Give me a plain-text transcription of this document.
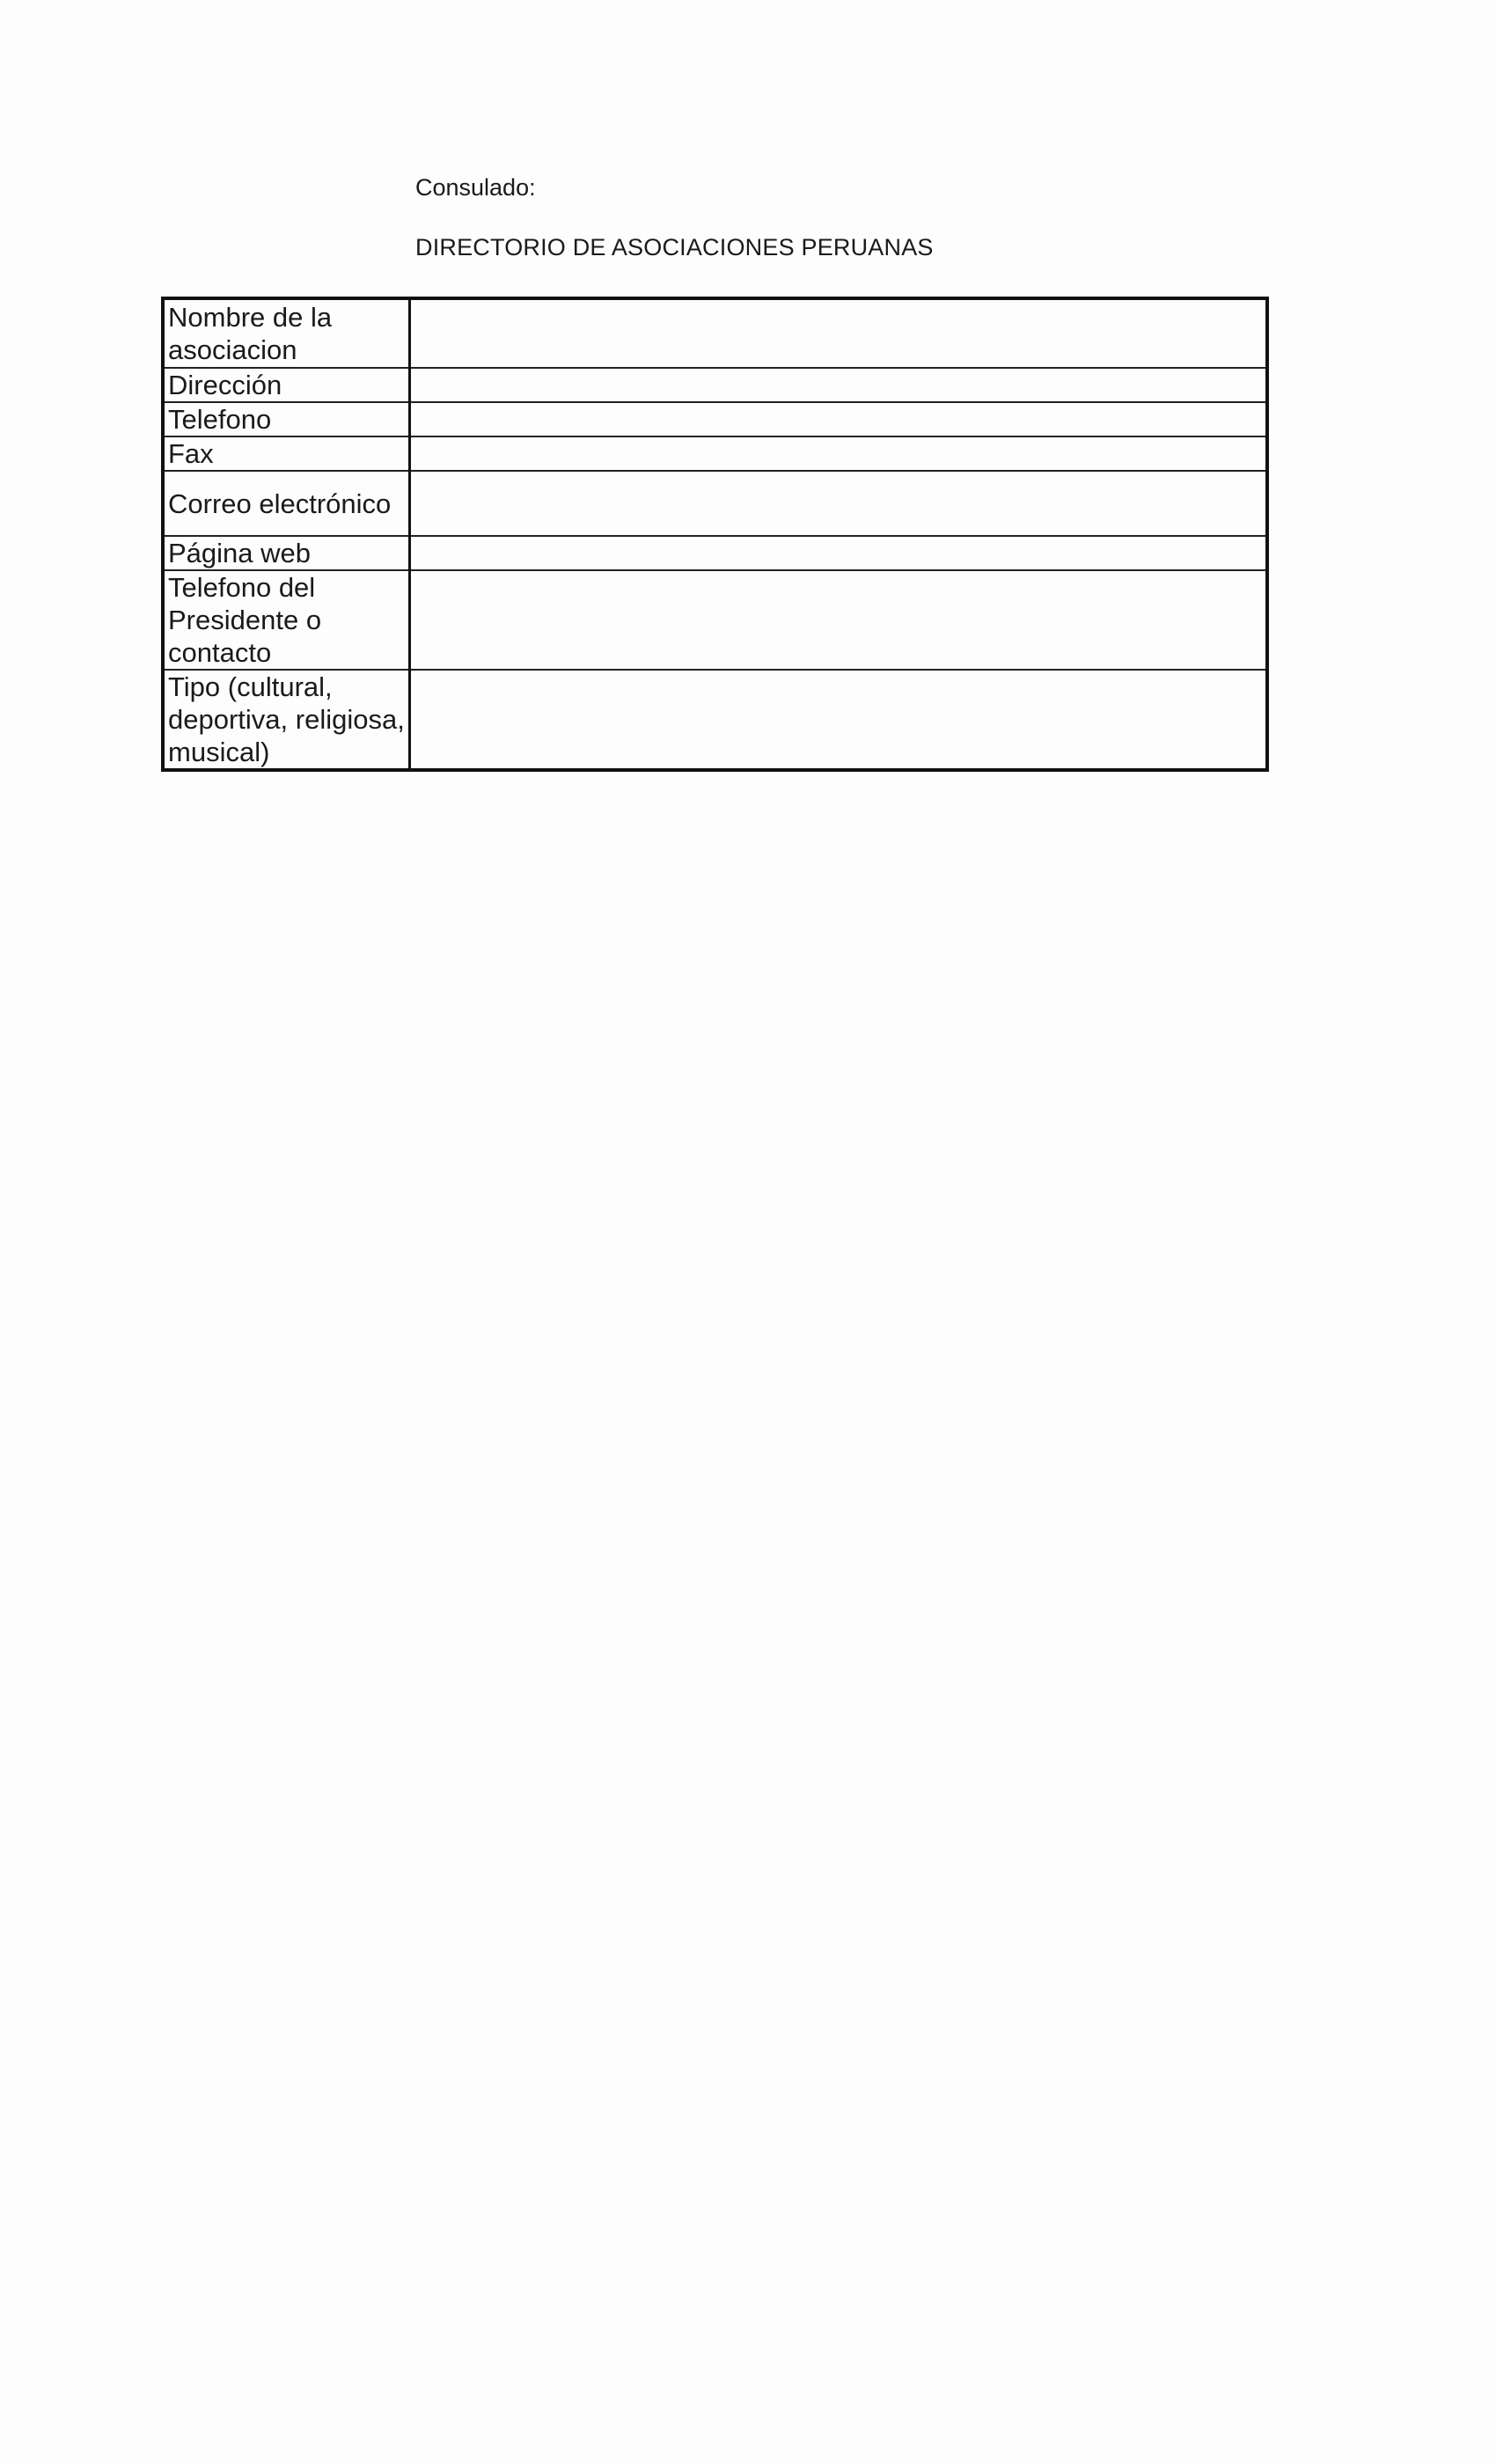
Consulado:
DIRECTORIO DE ASOCIACIONES PERUANAS
Nombre de la asociacion	
Dirección	
Telefono	
Fax	
Correo electrónico	
Página web	
Telefono del Presidente o contacto	
Tipo (cultural, deportiva, religiosa, musical)	
